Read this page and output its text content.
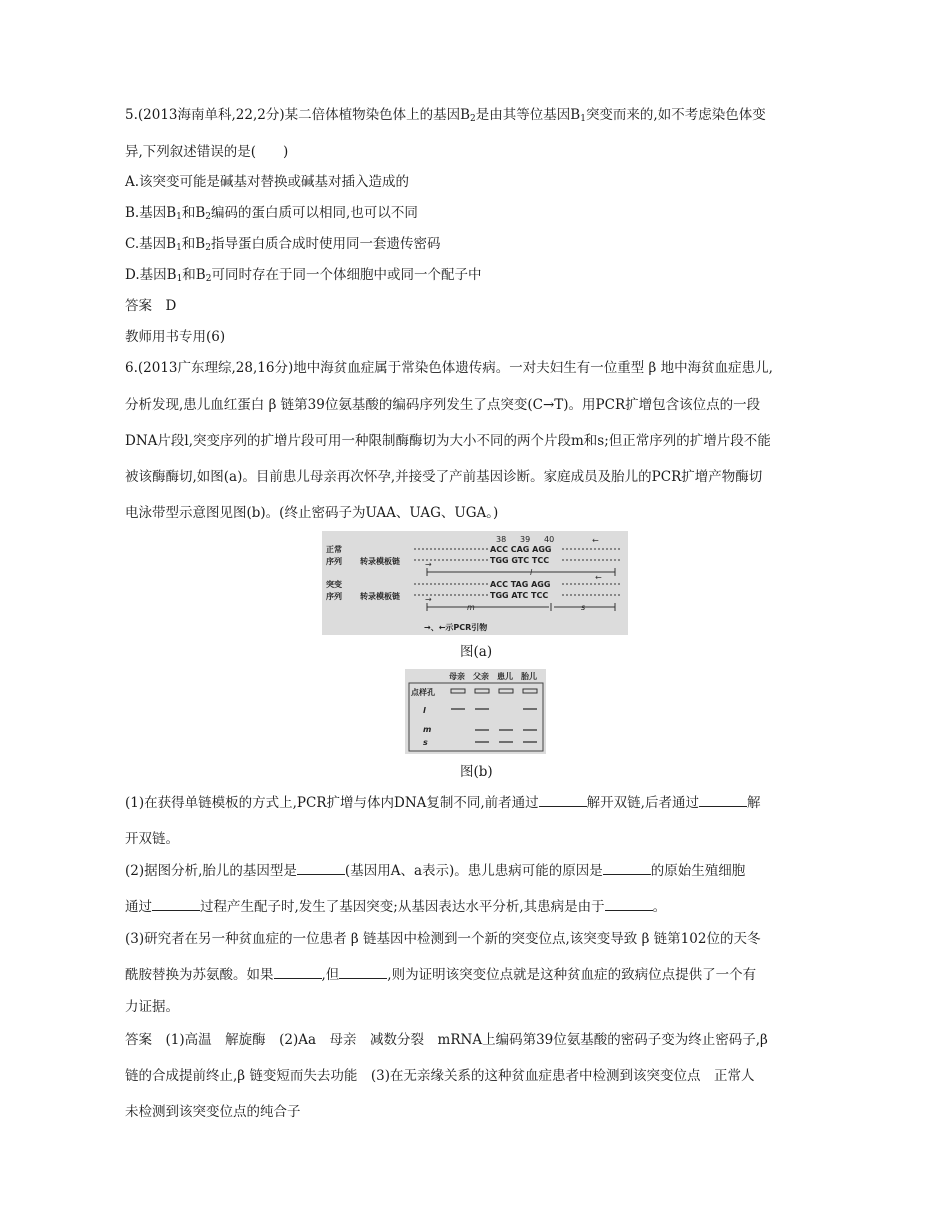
5.(2013海南单科,22,2分)某二倍体植物染色体上的基因$B_2$是由其等位基因$B_1$突变而来的,如不考虑染色体变
异,下列叙述错误的是(　　)
A.该突变可能是碱基对替换或碱基对插入造成的
B.基因$B_1$和$B_2$编码的蛋白质可以相同,也可以不同
C.基因$B_1$和$B_2$指导蛋白质合成时使用同一套遗传密码
D.基因$B_1$和$B_2$可同时存在于同一个体细胞中或同一个配子中
答案　D
教师用书专用(6)
6.(2013广东理综,28,16分)地中海贫血症属于常染色体遗传病。一对夫妇生有一位重型 β 地中海贫血症患儿,
分析发现,患儿血红蛋白 β 链第39位氨基酸的编码序列发生了点突变(C→T)。用PCR扩增包含该位点的一段
DNA片段l,突变序列的扩增片段可用一种限制酶酶切为大小不同的两个片段m和s;但正常序列的扩增片段不能
被该酶酶切,如图(a)。目前患儿母亲再次怀孕,并接受了产前基因诊断。家庭成员及胎儿的PCR扩增产物酶切
电泳带型示意图见图(b)。(终止密码子为UAA、UAG、UGA。)
38 39 40
正常
序列 转录模板链
ACC CAG AGG
TGG GTC TCC
突变
序列 转录模板链
ACC TAG AGG
TGG ATC TCC
l
m	s
→、←示PCR引物
←
→
←
→
图(a)
母亲 父亲 患儿 胎儿
点样孔
l
m
s
图(b)
(1)在获得单链模板的方式上,PCR扩增与体内DNA复制不同,前者通过	解开双链,后者通过	解
开双链。
(2)据图分析,胎儿的基因型是	(基因用A、a表示)。患儿患病可能的原因是	的原始生殖细胞
通过	过程产生配子时,发生了基因突变;从基因表达水平分析,其患病是由于	。
(3)研究者在另一种贫血症的一位患者 β 链基因中检测到一个新的突变位点,该突变导致 β 链第102位的天冬
酰胺替换为苏氨酸。如果	,但	,则为证明该突变位点就是这种贫血症的致病位点提供了一个有
力证据。
答案　(1)高温　解旋酶　(2)Aa　母亲　减数分裂　mRNA上编码第39位氨基酸的密码子变为终止密码子,β
链的合成提前终止,β 链变短而失去功能　(3)在无亲缘关系的这种贫血症患者中检测到该突变位点　正常人
未检测到该突变位点的纯合子
